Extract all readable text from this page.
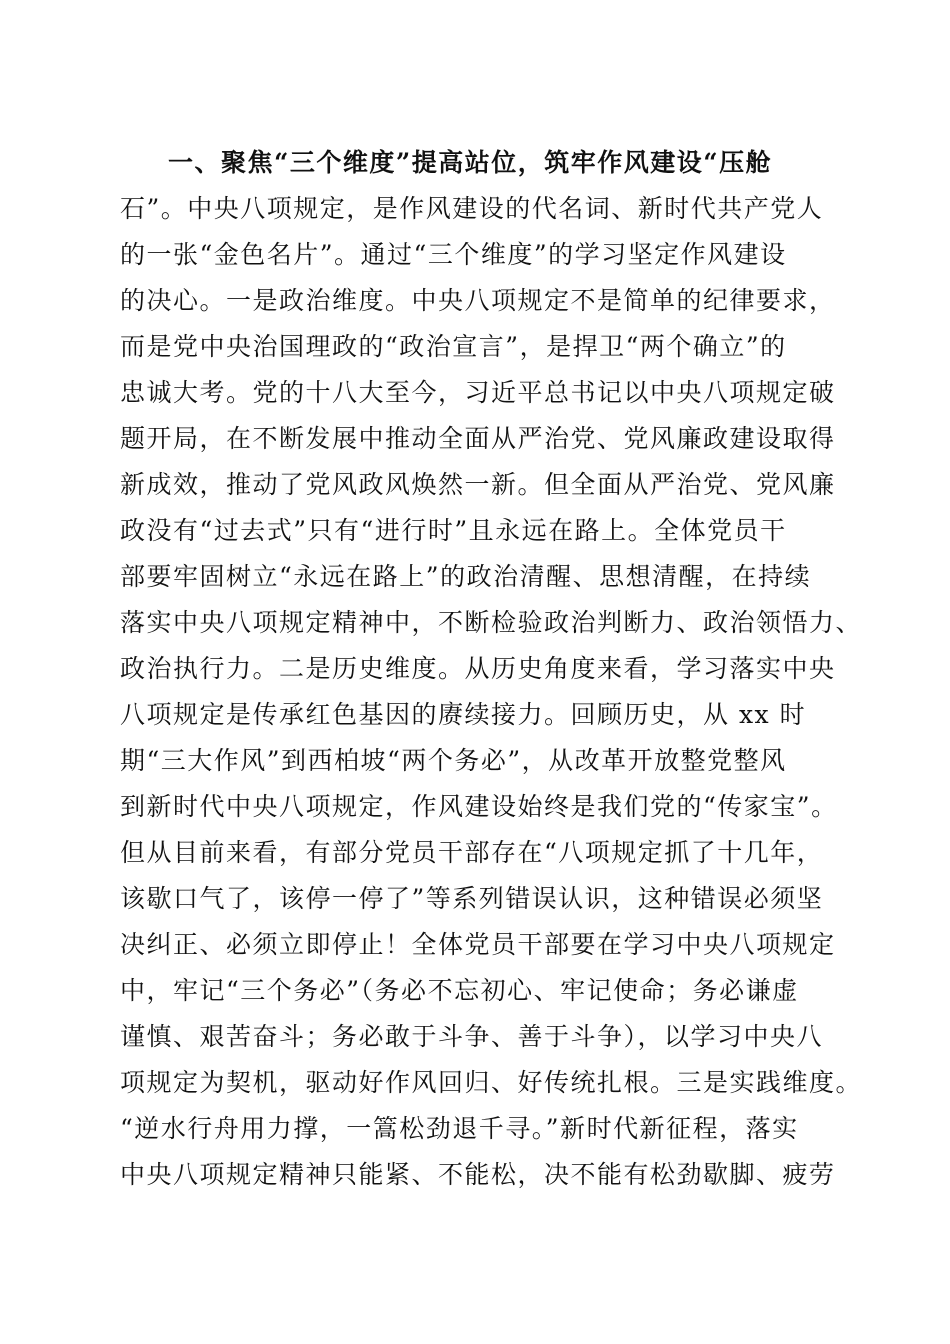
一、聚焦“三个维度”提高站位，筑牢作风建设“压舱
石”。中央八项规定，是作风建设的代名词、新时代共产党人
的一张“金色名片”。通过“三个维度”的学习坚定作风建设
的决心。一是政治维度。中央八项规定不是简单的纪律要求，
而是党中央治国理政的“政治宣言”，是捍卫“两个确立”的
忠诚大考。党的十八大至今，习近平总书记以中央八项规定破
题开局，在不断发展中推动全面从严治党、党风廉政建设取得
新成效，推动了党风政风焕然一新。但全面从严治党、党风廉
政没有“过去式”只有“进行时”且永远在路上。全体党员干
部要牢固树立“永远在路上”的政治清醒、思想清醒，在持续
落实中央八项规定精神中，不断检验政治判断力、政治领悟力、
政治执行力。二是历史维度。从历史角度来看，学习落实中央
八项规定是传承红色基因的赓续接力。回顾历史，从 xx 时
期“三大作风”到西柏坡“两个务必”，从改革开放整党整风
到新时代中央八项规定，作风建设始终是我们党的“传家宝”。
但从目前来看，有部分党员干部存在“八项规定抓了十几年，
该歇口气了，该停一停了”等系列错误认识，这种错误必须坚
决纠正、必须立即停止！全体党员干部要在学习中央八项规定
中，牢记“三个务必”（务必不忘初心、牢记使命；务必谦虚
谨慎、艰苦奋斗；务必敢于斗争、善于斗争），以学习中央八
项规定为契机，驱动好作风回归、好传统扎根。三是实践维度。
“逆水行舟用力撑，一篙松劲退千寻。”新时代新征程，落实
中央八项规定精神只能紧、不能松，决不能有松劲歇脚、疲劳
